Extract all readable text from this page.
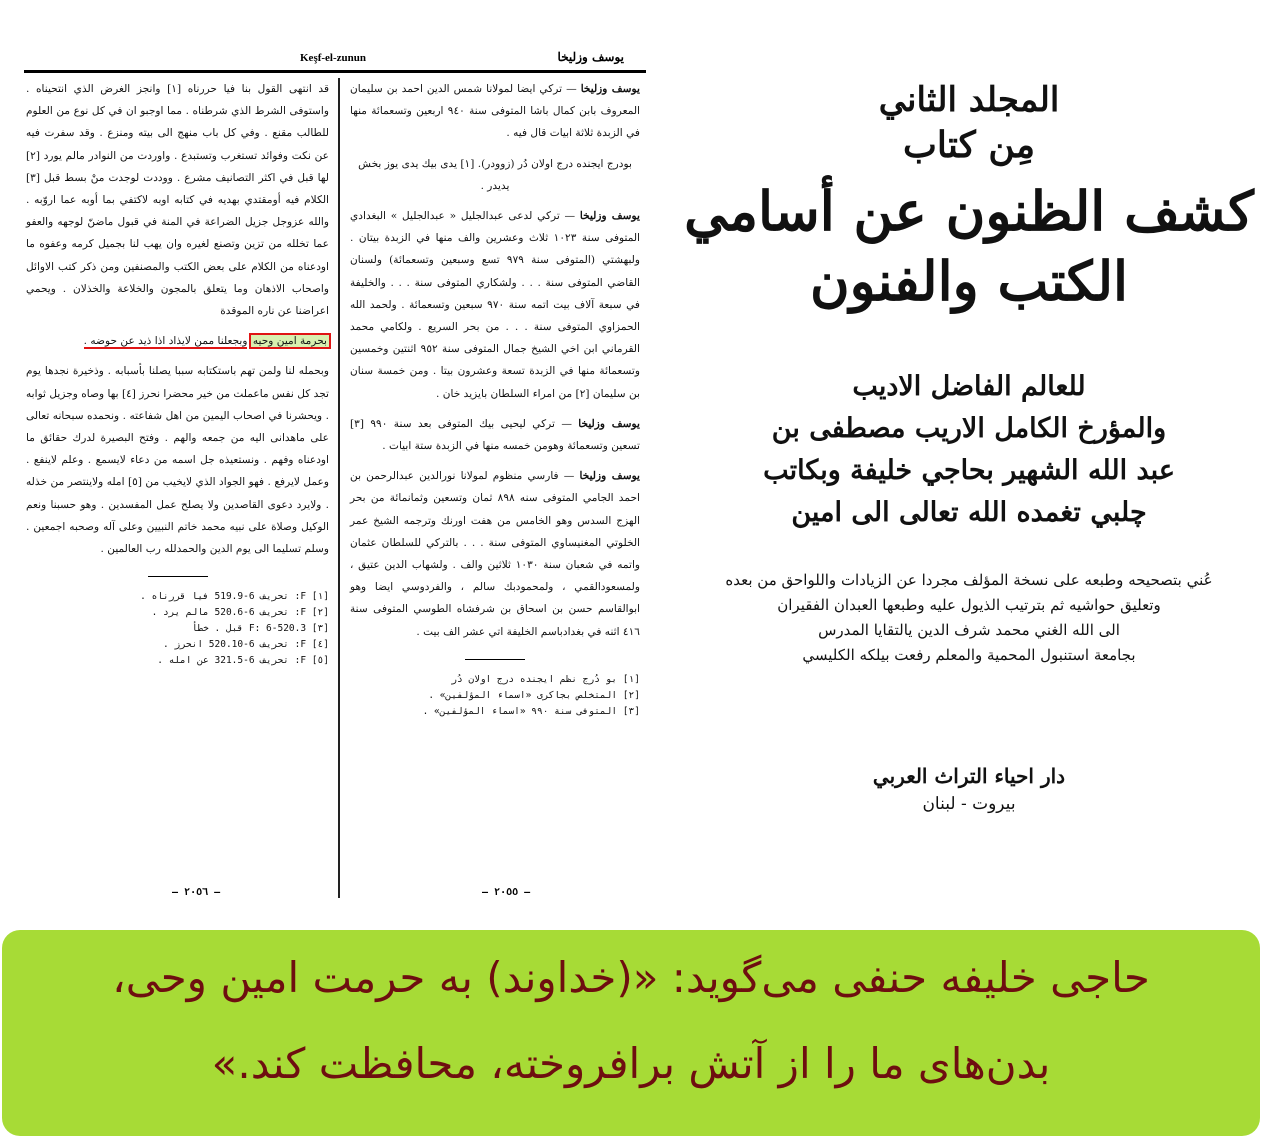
Keşf-el-zunun	يوسف وزليخا

قد انتهى القول بنا فيا حررناه [١] وانجز الغرض الذي انتحيناه . واستوفى الشرط الذي شرطناه . مما اوجبو ان في كل نوع من العلوم للطالب مقنع . وفي كل باب منهج الى بيته ومنزع . وقد سفرت فيه عن نكت وفوائد تستغرب وتستبدع . واوردت من النوادر مالم يورد [٢] لها قبل في اكثر التصانيف مشرع . ووددت لوجدت منْ بسط قبل [٣] الكلام فيه أومقتدي بهديه في كتابه اوبه لاكتفي بما أوبه عما اروّبه . والله عزوجل جزيل الضراعة في المنة في قبول ماضنّ لوجهه والعفو عما تخلله من تزين وتصنع لغيره وان يهب لنا بجميل كرمه وعفوه ما اودعناه من الكلام على بعض الكتب والمصنفين ومن ذكر كتب الاوائل واصحاب الاذهان وما يتعلق بالمجون والخلاعة والخذلان . ويحمي اعراضنا عن ناره الموقدة

بحرمة امين وحيه وبجعلنا ممن لايذاد اذا ذيد عن حوضه .

وبحمله لنا ولمن تهم باستكتابه سببا يصلنا بأسبابه . وذخيرة نجدها يوم تجد كل نفس ماعملت من خير محضرا نحرز [٤] بها وصاه وجزيل ثوابه . ويحشرنا في اصحاب اليمين من اهل شفاعته . ونحمده سبحانه تعالى على ماهدانى اليه من جمعه والهم . وفتح البصيرة لدرك حقائق ما اودعناه وفهم . ونستعيذه جل اسمه من دعاء لايسمع . وعلم لاينفع . وعمل لايرفع . فهو الجواد الذي لايخيب من [٥] امله ولاينتصر من خذله . ولايرد دعوى القاصدين ولا يصلح عمل المفسدين . وهو حسبنا ونعم الوكيل وصلاة على نبيه محمد خاتم النبيين وعلى آله وصحبه اجمعين . وسلم تسليما الى يوم الدين والحمدلله رب العالمين .

[١] F: تحريف 6-519.9 فيا قررناه .
[٢] F: تحريف 6-520.6 مالم يرد .
[٣] F: 6-520.3 قبل . خطأ
[٤] F: تحريف 6-520.10 انحرز .
[٥] F: تحريف 6-321.5 عن امله .

يوسف وزليخا — تركي ايضا لمولانا شمس الدين احمد بن سليمان المعروف بابن كمال باشا المتوفى سنة ٩٤٠ اربعين وتسعمائة منها في الزبدة ثلاثة ابيات قال فيه .

بودرج ايجنده درج اولان دُر (زوودر). [١] يدى بيك يدى يوز بخش يديدر .

يوسف وزليخا — تركي لدعى عبدالجليل « عبدالجليل » البغدادي المتوفى سنة ١٠٢٣ ثلاث وعشرين والف منها في الزبدة بيتان . ولبهشتي (المتوفى سنة ٩٧٩ تسع وسبعين وتسعمائة) ولسنان القاضي المتوفى سنة . . . ولشكاري المتوفى سنة . . . والخليفة في سبعة آلاف بيت اتمه سنة ٩٧٠ سبعين وتسعمائة . ولحمد الله الحمزاوي المتوفى سنة . . . من بحر السريع . ولكامي محمد القرماني ابن اخي الشيخ جمال المتوفى سنة ٩٥٢ اثنتين وخمسين وتسعمائة منها في الزبدة تسعة وعشرون بيتا . ومن خمسة سنان بن سليمان [٢] من امراء السلطان بايزيد خان .

يوسف وزليخا — تركي ليحيى بيك المتوفى بعد سنة ٩٩٠ [٣] تسعين وتسعمائة وهومن خمسه منها في الزبدة ستة ابيات .

يوسف وزليخا — فارسي منظوم لمولانا نورالدين عبدالرحمن بن احمد الجامي المتوفى سنه ٨٩٨ ثمان وتسعين وثمانمائة من بحر الهزج السدس وهو الخامس من هفت اورنك وترجمه الشيخ عمر الخلوتي المغنيساوي المتوفى سنة . . . بالتركي للسلطان عثمان واتمه في شعبان سنة ١٠٣٠ ثلاثين والف . ولشهاب الدين عتيق ، ولمسعودالقمي ، ولمحمودبك سالم ، والفردوسي ايضا وهو ابوالقاسم حسن بن اسحاق بن شرفشاه الطوسي المتوفى سنة ٤١٦ اثنه في بغدادباسم الخليفة اتي عشر الف بيت .

[١] بو دُرج نظم ايجنده درج اولان دُر
[٢] المتخلص بجاكرى «اسماء المؤلفين» .
[٣] المتوفى سنة ٩٩٠ «اسماء المؤلفين» .
— ٢٠٥٦ —	— ٢٠٥٥ —
المجلد الثاني
مِن كتاب
كشف الظنون عن أسامي الكتب والفنون
للعالم الفاضل الاديب
والمؤرخ الكامل الاريب مصطفى بن
عبد الله الشهير بحاجي خليفة وبكاتب
چلبي تغمده الله تعالى الى امين
عُني بتصحيحه وطبعه على نسخة المؤلف مجردا عن الزيادات واللواحق من بعده
وتعليق حواشيه ثم بترتيب الذيول عليه وطبعها العبدان الفقيران
الى الله الغني محمد شرف الدين يالتقايا المدرس
بجامعة استنبول المحمية والمعلم رفعت بيلكه الكليسي
دار احياء التراث العربي
بيروت - لبنان
حاجی خلیفه حنفی می‌گوید: «(خداوند) به حرمت امین وحی،
بدن‌های ما را از آتش برافروخته، محافظت کند.»
